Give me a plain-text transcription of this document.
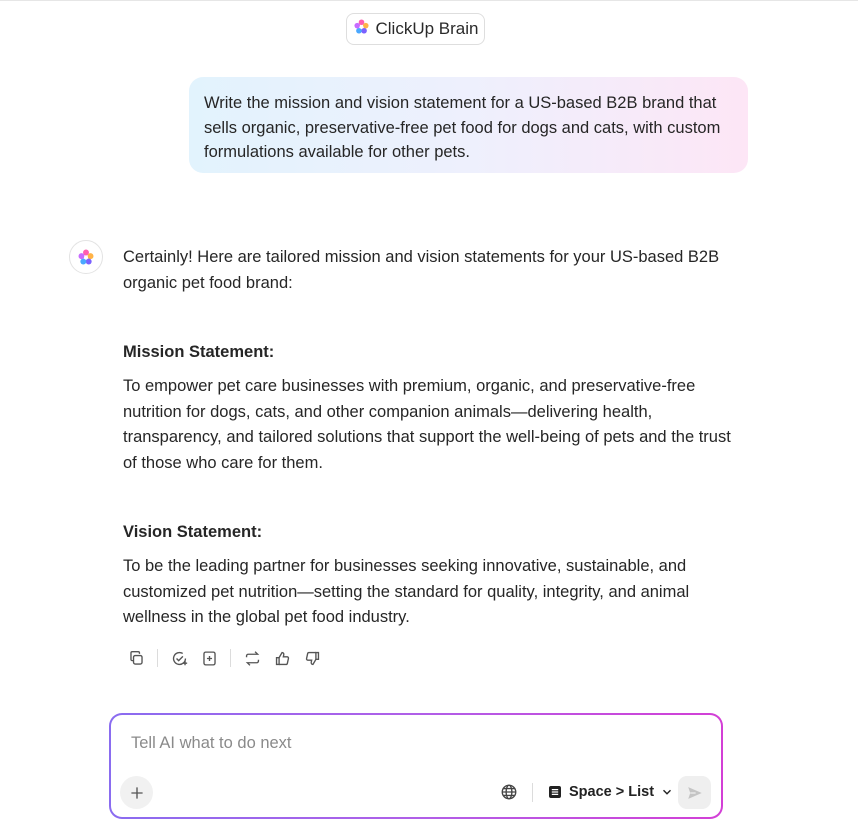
ClickUp Brain
Write the mission and vision statement for a US-based B2B brand that sells organic, preservative-free pet food for dogs and cats, with custom formulations available for other pets.
Certainly! Here are tailored mission and vision statements for your US-based B2B organic pet food brand:
Mission Statement:
To empower pet care businesses with premium, organic, and preservative-free nutrition for dogs, cats, and other companion animals—delivering health, transparency, and tailored solutions that support the well-being of pets and the trust of those who care for them.
Vision Statement:
To be the leading partner for businesses seeking innovative, sustainable, and customized pet nutrition—setting the standard for quality, integrity, and animal wellness in the global pet food industry.
Tell AI what to do next
Space > List
